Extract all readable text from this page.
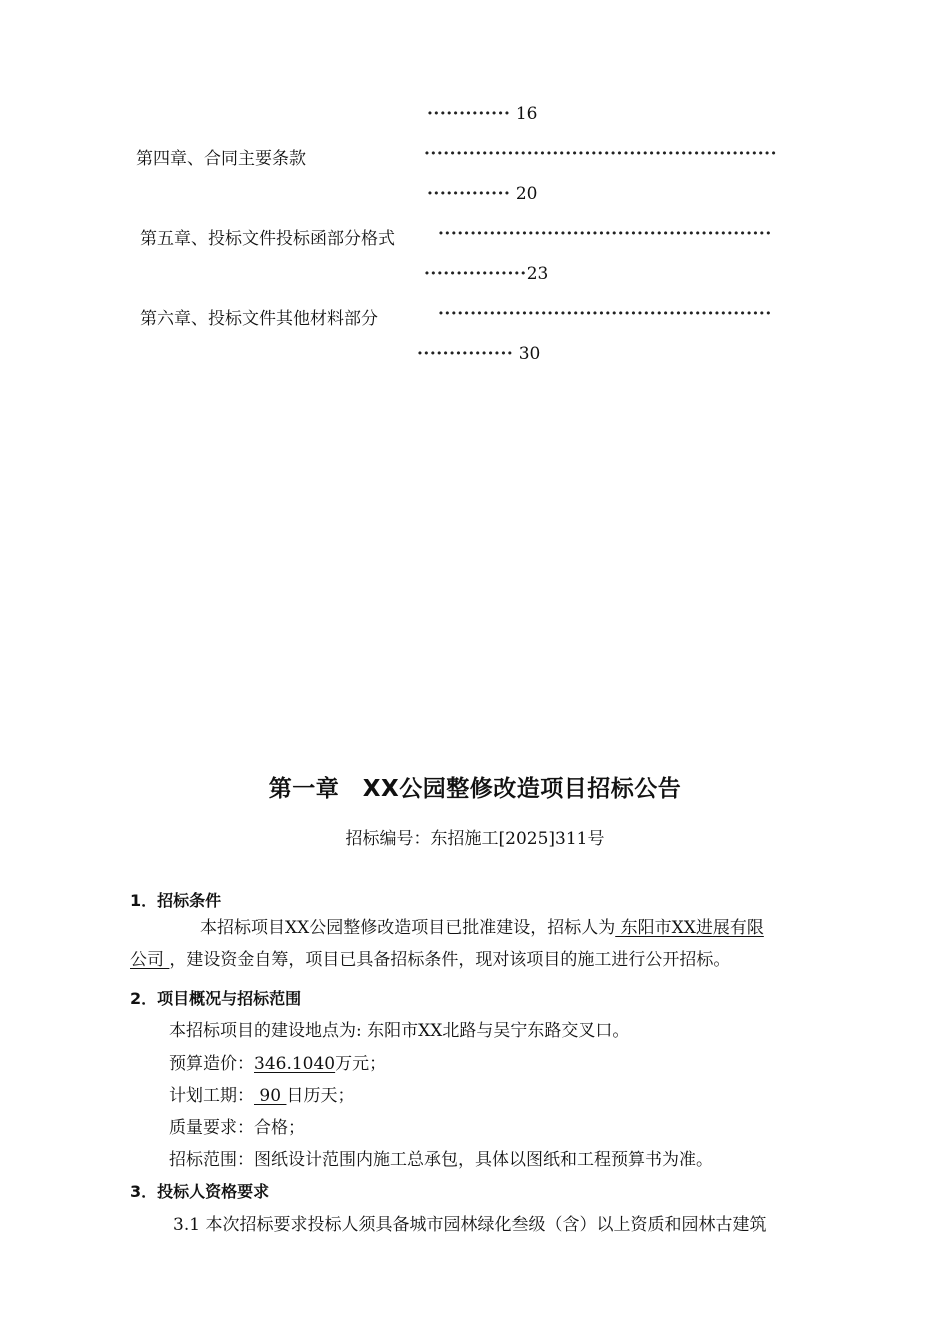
············· 16
第四章、合同主要条款	·······················································
············· 20
第五章、投标文件投标函部分格式	····················································
················23
第六章、投标文件其他材料部分	····················································
··············· 30
第一章　XX公园整修改造项目招标公告
招标编号：东招施工[2025]311号
1．招标条件
本招标项目XX公园整修改造项目已批准建设，招标人为 东阳市XX进展有限
公司 ，建设资金自筹，项目已具备招标条件，现对该项目的施工进行公开招标。
2．项目概况与招标范围
本招标项目的建设地点为: 东阳市XX北路与吴宁东路交叉口。
预算造价：346.1040万元；
计划工期： 90 日历天；
质量要求：合格；
招标范围：图纸设计范围内施工总承包，具体以图纸和工程预算书为准。
3．投标人资格要求
3.1 本次招标要求投标人须具备城市园林绿化叁级（含）以上资质和园林古建筑
